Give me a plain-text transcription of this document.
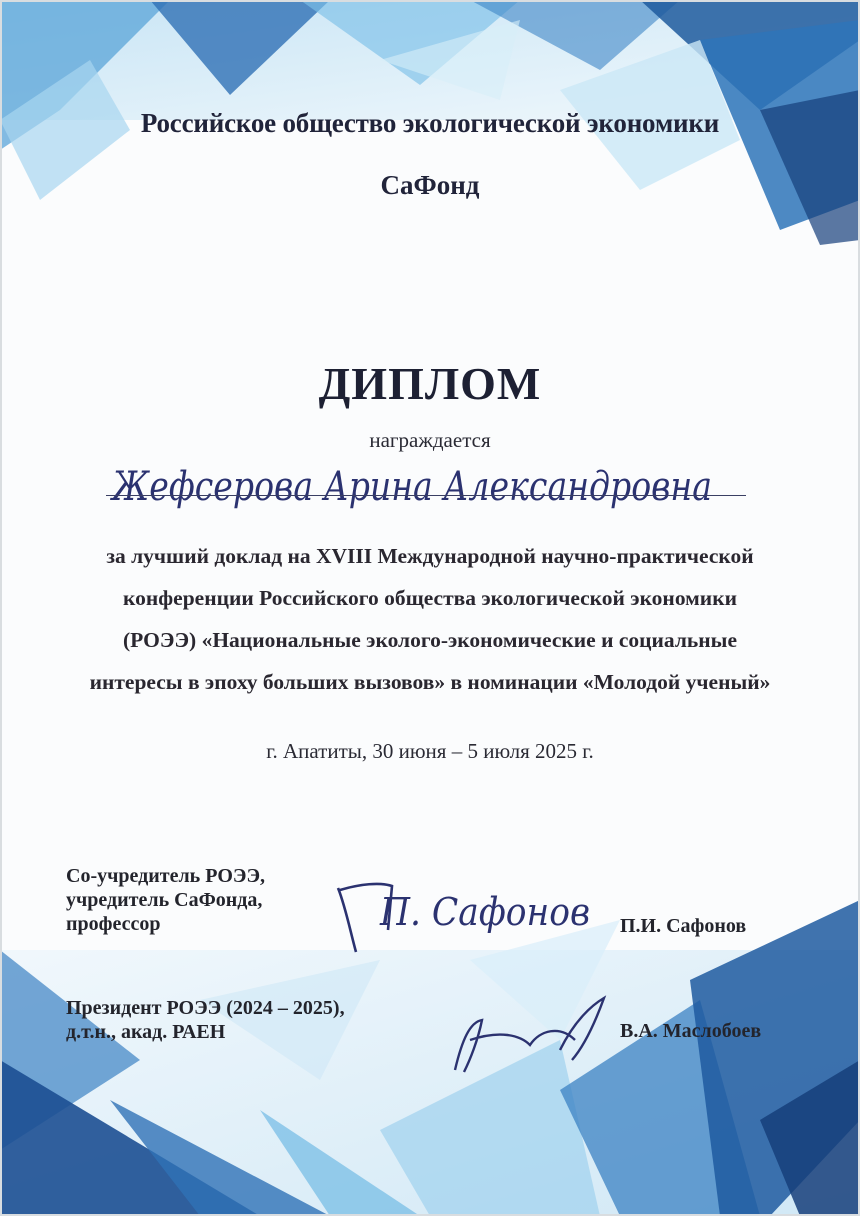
Российское общество экологической экономики

СаФонд

ДИПЛОМ

награждается

Жефсерова Арина Александровна
за лучший доклад на XVIII Международной научно-практической
конференции Российского общества экологической экономики
(РОЭЭ) «Национальные эколого-экономические и социальные
интересы в эпоху больших вызовов» в номинации «Молодой ученый»

г. Апатиты, 30 июня – 5 июля 2025 г.

Со-учредитель РОЭЭ,
учредитель СаФонда,
профессор	П. Сафонов П.И. Сафонов
Президент РОЭЭ (2024 – 2025),
д.т.н., акад. РАЕН	В.А. Маслобоев
